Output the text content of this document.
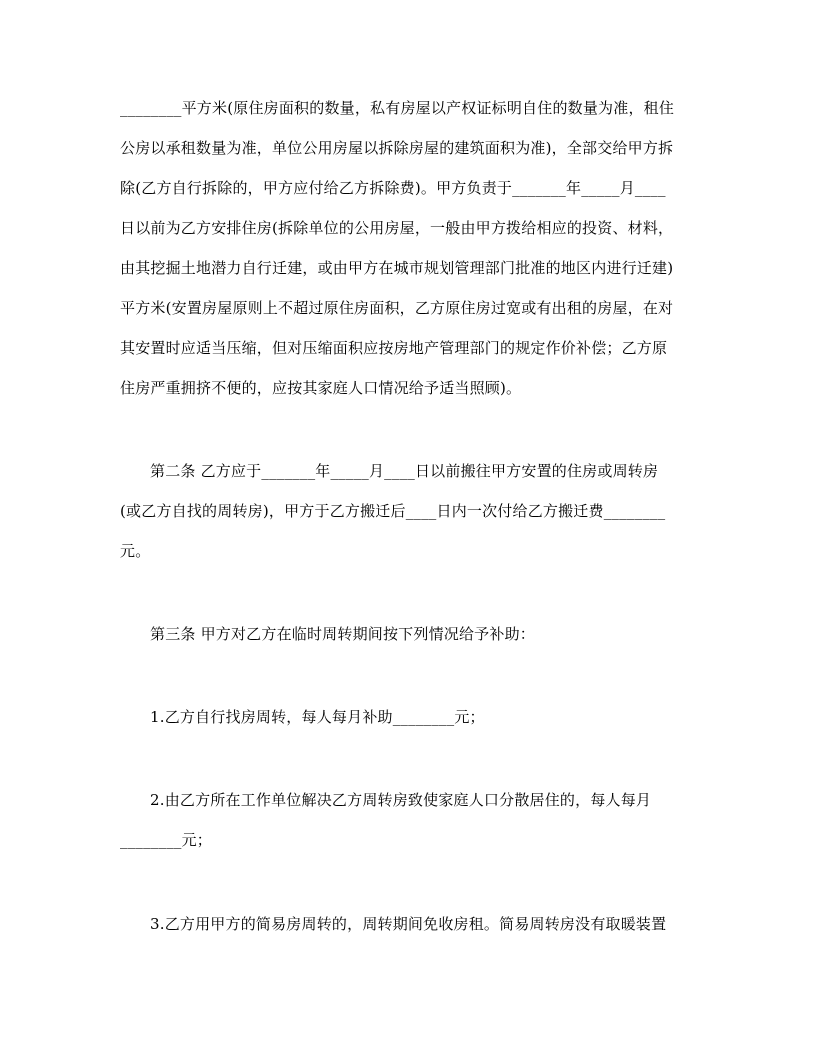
________平方米(原住房面积的数量，私有房屋以产权证标明自住的数量为准，租住
公房以承租数量为准，单位公用房屋以拆除房屋的建筑面积为准)，全部交给甲方拆
除(乙方自行拆除的，甲方应付给乙方拆除费)。甲方负责于_______年_____月____
日以前为乙方安排住房(拆除单位的公用房屋，一般由甲方拨给相应的投资、材料，
由其挖掘土地潜力自行迁建，或由甲方在城市规划管理部门批准的地区内进行迁建)
平方米(安置房屋原则上不超过原住房面积，乙方原住房过宽或有出租的房屋，在对
其安置时应适当压缩，但对压缩面积应按房地产管理部门的规定作价补偿；乙方原
住房严重拥挤不便的，应按其家庭人口情况给予适当照顾)。
第二条 乙方应于_______年_____月____日以前搬往甲方安置的住房或周转房
(或乙方自找的周转房)，甲方于乙方搬迁后____日内一次付给乙方搬迁费________
元。
第三条 甲方对乙方在临时周转期间按下列情况给予补助：
1.乙方自行找房周转，每人每月补助________元；
2.由乙方所在工作单位解决乙方周转房致使家庭人口分散居住的，每人每月
________元；
3.乙方用甲方的简易房周转的，周转期间免收房租。简易周转房没有取暖装置
